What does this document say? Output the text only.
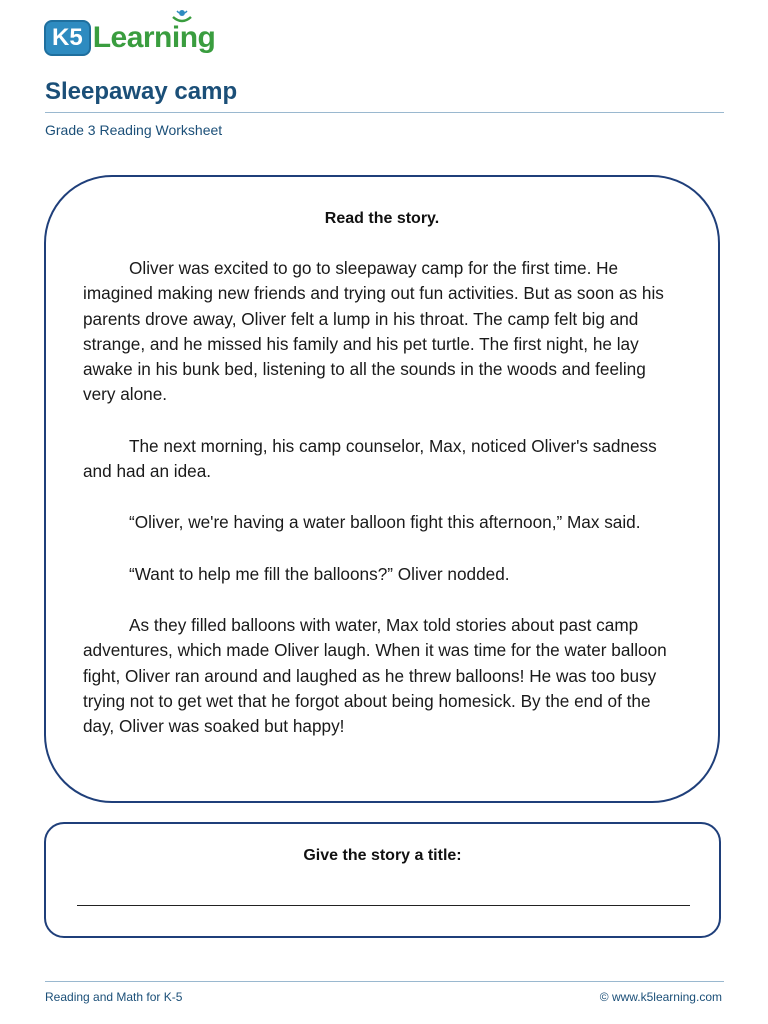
K5 Learning
Sleepaway camp
Grade 3 Reading Worksheet
Read the story.

Oliver was excited to go to sleepaway camp for the first time. He imagined making new friends and trying out fun activities. But as soon as his parents drove away, Oliver felt a lump in his throat. The camp felt big and strange, and he missed his family and his pet turtle. The first night, he lay awake in his bunk bed, listening to all the sounds in the woods and feeling very alone.

The next morning, his camp counselor, Max, noticed Oliver's sadness and had an idea.

“Oliver, we're having a water balloon fight this afternoon,” Max said.

“Want to help me fill the balloons?” Oliver nodded.

As they filled balloons with water, Max told stories about past camp adventures, which made Oliver laugh. When it was time for the water balloon fight, Oliver ran around and laughed as he threw balloons! He was too busy trying not to get wet that he forgot about being homesick. By the end of the day, Oliver was soaked but happy!

Give the story a title:
Reading and Math for K-5	© www.k5learning.com
